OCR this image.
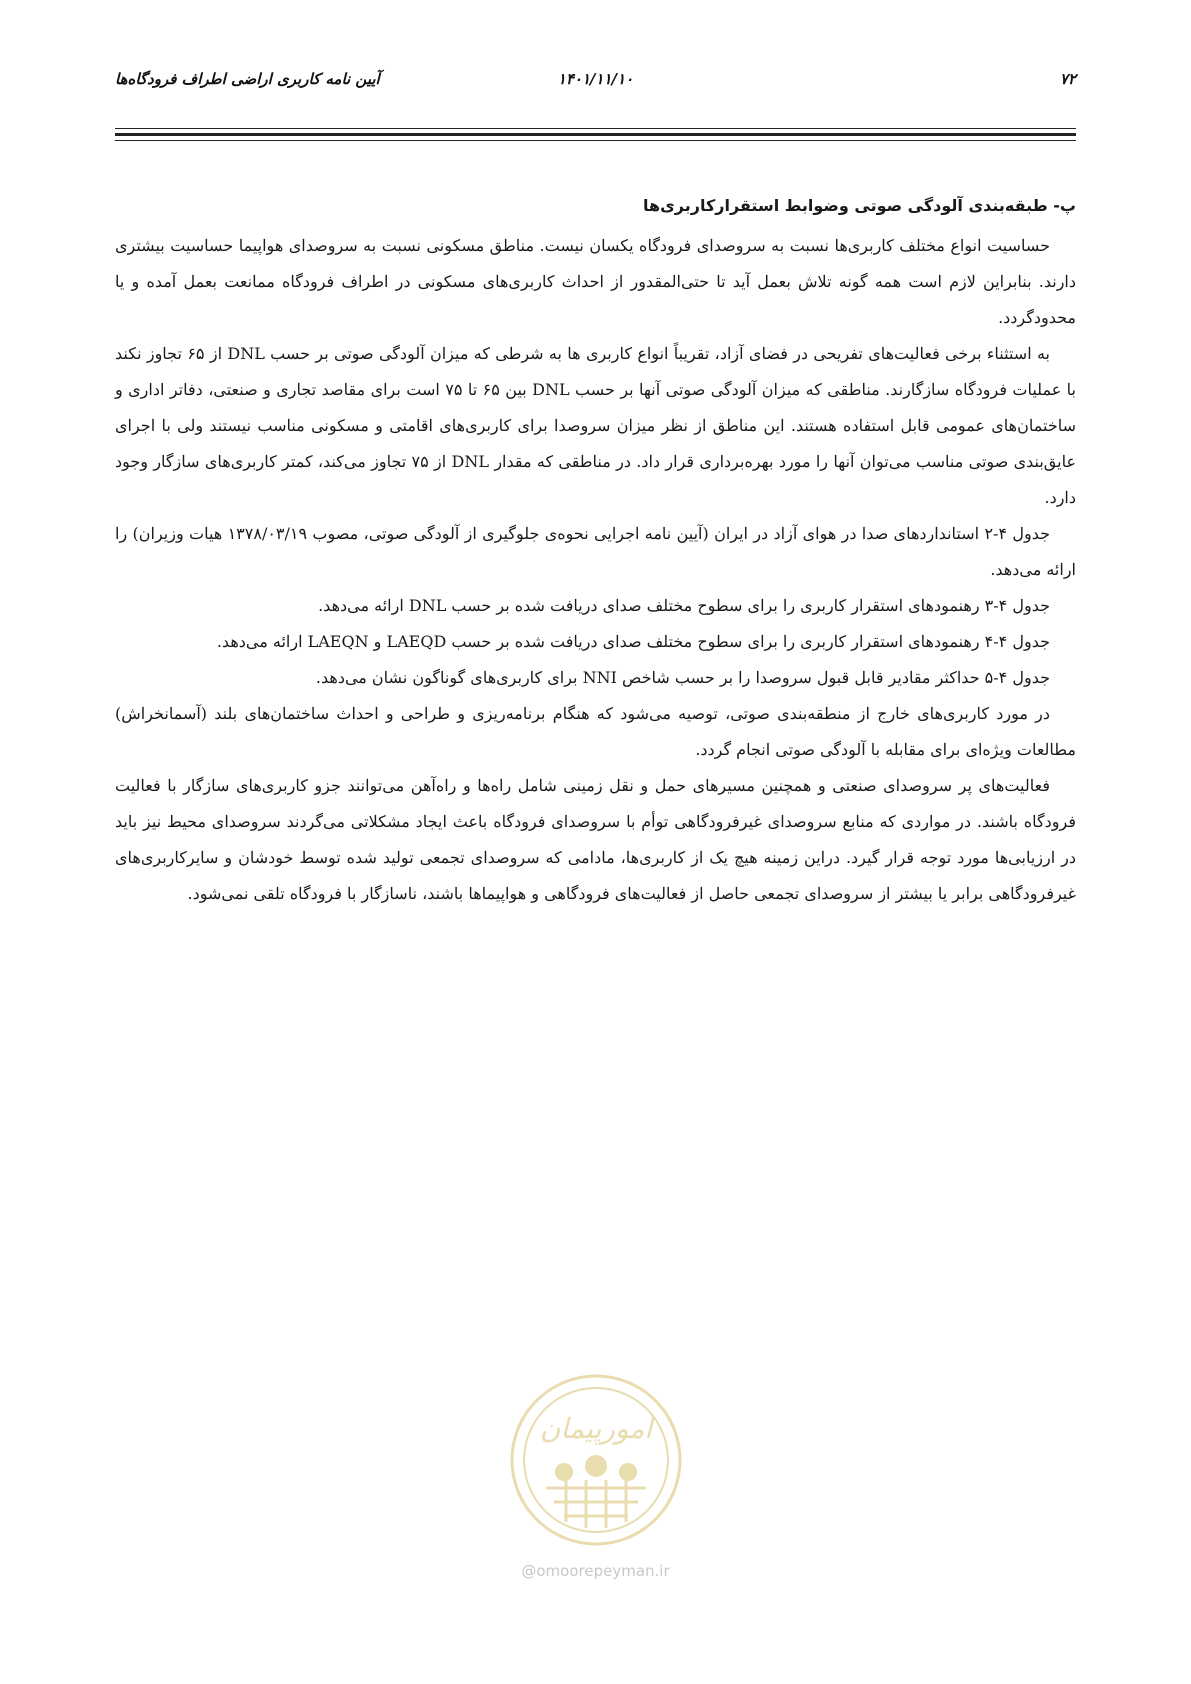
۷۲
۱۴۰۱/۱۱/۱۰
آیین نامه کاربری اراضی اطراف فرودگاه‌ها
پ- طبقه‌بندی آلودگی صوتی وضوابط استقرارکاربری‌ها

حساسیت انواع مختلف کاربری‌ها نسبت به سروصدای فرودگاه یکسان نیست. مناطق مسکونی نسبت به سروصدای هواپیما حساسیت بیشتری دارند. بنابراین لازم است همه گونه تلاش بعمل آید تا حتی‌المقدور از احداث کاربری‌های مسکونی در اطراف فرودگاه ممانعت بعمل آمده و یا محدودگردد.

به استثناء برخی فعالیت‌های تفریحی در فضای آزاد، تقریباً انواع کاربری ها به شرطی که میزان آلودگی صوتی بر حسب DNL از ۶۵ تجاوز نکند با عملیات فرودگاه سازگارند. مناطقی که میزان آلودگی صوتی آنها بر حسب DNL بین ۶۵ تا ۷۵ است برای مقاصد تجاری و صنعتی، دفاتر اداری و ساختمان‌های عمومی قابل استفاده هستند. این مناطق از نظر میزان سروصدا برای کاربری‌های اقامتی و مسکونی مناسب نیستند ولی با اجرای عایق‌بندی صوتی مناسب می‌توان آنها را مورد بهره‌برداری قرار داد. در مناطقی که مقدار DNL از ۷۵ تجاوز می‌کند، کمتر کاربری‌های سازگار وجود دارد.

جدول ۴-۲ استانداردهای صدا در هوای آزاد در ایران (آیین نامه اجرایی نحوه‌ی جلوگیری از آلودگی صوتی، مصوب ۱۳۷۸/۰۳/۱۹ هیات وزیران) را ارائه می‌دهد.

جدول ۴-۳ رهنمودهای استقرار کاربری را برای سطوح مختلف صدای دریافت شده بر حسب DNL ارائه می‌دهد.

جدول ۴-۴ رهنمودهای استقرار کاربری را برای سطوح مختلف صدای دریافت شده بر حسب LAEQD و LAEQN ارائه می‌دهد.

جدول ۴-۵ حداکثر مقادیر قابل قبول سروصدا را بر حسب شاخص NNI برای کاربری‌های گوناگون نشان می‌دهد.

در مورد کاربری‌های خارج از منطقه‌بندی صوتی، توصیه می‌شود که هنگام برنامه‌ریزی و طراحی و احداث ساختمان‌های بلند (آسمانخراش) مطالعات ویژه‌ای برای مقابله با آلودگی صوتی انجام گردد.

فعالیت‌های پر سروصدای صنعتی و همچنین مسیرهای حمل و نقل زمینی شامل راه‌ها و راه‌آهن می‌توانند جزو کاربری‌های سازگار با فعالیت فرودگاه باشند. در مواردی که منابع سروصدای غیرفرودگاهی توأم با سروصدای فرودگاه باعث ایجاد مشکلاتی می‌گردند سروصدای محیط نیز باید در ارزیابی‌ها مورد توجه قرار گیرد. دراین زمینه هیچ یک از کاربری‌ها، مادامی که سروصدای تجمعی تولید شده توسط خودشان و سایرکاربری‌های غیرفرودگاهی برابر یا بیشتر از سروصدای تجمعی حاصل از فعالیت‌های فرودگاهی و هواپیماها باشند، ناسازگار با فرودگاه تلقی نمی‌شود.

امورپیمان
@omoorepeyman.ir
